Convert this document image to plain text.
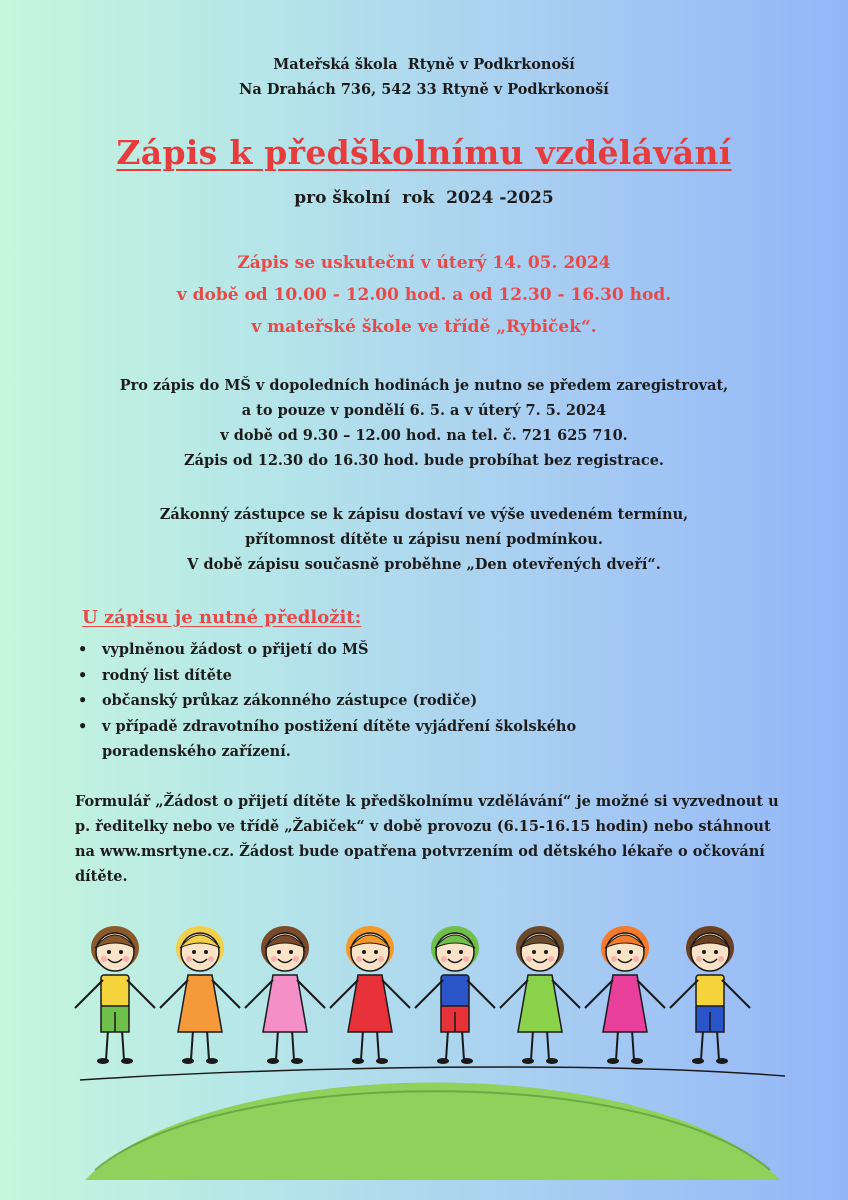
Mateřská škola  Rtyně v Podkrkonoší
Na Drahách 736, 542 33 Rtyně v Podkrkonoší
Zápis k předškolnímu vzdělávání
pro školní  rok  2024 -2025
Zápis se uskuteční v úterý 14. 05. 2024
v době od 10.00 - 12.00 hod. a od 12.30 - 16.30 hod.
v mateřské škole ve třídě „Rybiček“.
Pro zápis do MŠ v dopoledních hodinách je nutno se předem zaregistrovat,
a to pouze v pondělí 6. 5. a v úterý 7. 5. 2024
v době od 9.30 – 12.00 hod. na tel. č. 721 625 710.
Zápis od 12.30 do 16.30 hod. bude probíhat bez registrace.
Zákonný zástupce se k zápisu dostaví ve výše uvedeném termínu,
přítomnost dítěte u zápisu není podmínkou.
V době zápisu současně proběhne „Den otevřených dveří“.
U zápisu je nutné předložit:
• vyplněnou žádost o přijetí do MŠ
• rodný list dítěte
• občanský průkaz zákonného zástupce (rodiče)
• v případě zdravotního postižení dítěte vyjádření školského poradenského zařízení.
Formulář „Žádost o přijetí dítěte k předškolnímu vzdělávání“ je možné si vyzvednout u p. ředitelky nebo ve třídě „Žabiček“ v době provozu (6.15-16.15 hodin) nebo stáhnout na www.msrtyne.cz. Žádost bude opatřena potvrzením od dětského lékaře o očkování dítěte.
